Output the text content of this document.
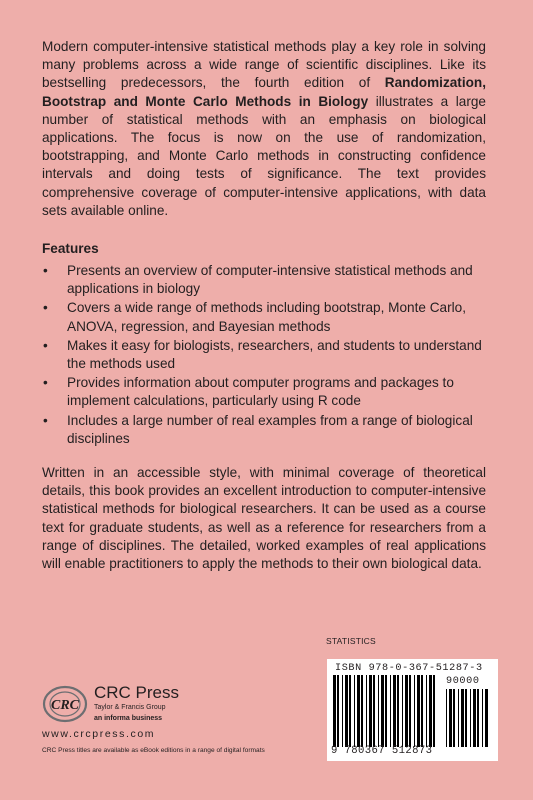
Modern computer-intensive statistical methods play a key role in solving many problems across a wide range of scientific disciplines. Like its bestselling predecessors, the fourth edition of Randomization, Bootstrap and Monte Carlo Methods in Biology illustrates a large number of statistical methods with an emphasis on biological applications. The focus is now on the use of randomization, bootstrapping, and Monte Carlo methods in constructing confidence intervals and doing tests of significance. The text provides comprehensive coverage of computer-intensive applications, with data sets available online.

Features

• Presents an overview of computer-intensive statistical methods and applications in biology
• Covers a wide range of methods including bootstrap, Monte Carlo, ANOVA, regression, and Bayesian methods
• Makes it easy for biologists, researchers, and students to understand the methods used
• Provides information about computer programs and packages to implement calculations, particularly using R code
• Includes a large number of real examples from a range of biological disciplines

Written in an accessible style, with minimal coverage of theoretical details, this book provides an excellent introduction to computer-intensive statistical methods for biological researchers. It can be used as a course text for graduate students, as well as a reference for researchers from a range of disciplines. The detailed, worked examples of real applications will enable practitioners to apply the methods to their own biological data.

STATISTICS
ISBN 978-0-367-51287-3
90000
9 780367 512873
CRC
CRC Press
Taylor & Francis Group
an informa business
www.crcpress.com
CRC Press titles are available as eBook editions in a range of digital formats
